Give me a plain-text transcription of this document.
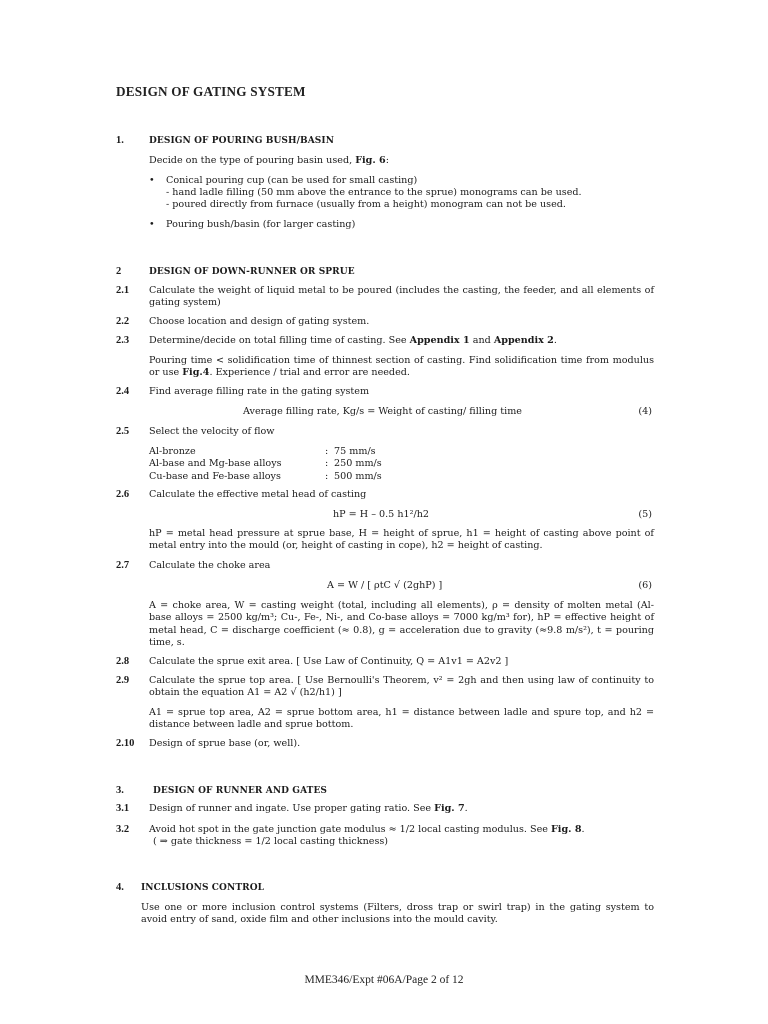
DESIGN OF GATING SYSTEM
1.	DESIGN OF POURING BUSH/BASIN
Decide on the type of pouring basin used, Fig. 6:
• Conical pouring cup (can be used for small casting)
- hand ladle filling (50 mm above the entrance to the sprue) monograms can be used.
- poured directly from furnace (usually from a height) monogram can not be used.
• Pouring bush/basin (for larger casting)
2	DESIGN OF DOWN-RUNNER OR SPRUE
2.1 Calculate the weight of liquid metal to be poured (includes the casting, the feeder, and all elements of gating system)
2.2 Choose location and design of gating system.
2.3 Determine/decide on total filling time of casting. See Appendix 1 and Appendix 2.
Pouring time < solidification time of thinnest section of casting. Find solidification time from modulus or use Fig.4. Experience / trial and error are needed.
2.4 Find average filling rate in the gating system
Average filling rate, Kg/s = Weight of casting/ filling time	(4)
2.5 Select the velocity of flow
Al-bronze	: 75 mm/s
Al-base and Mg-base alloys	: 250 mm/s
Cu-base and Fe-base alloys	: 500 mm/s
2.6 Calculate the effective metal head of casting
hP = H – 0.5 h1²/h2	(5)
hP = metal head pressure at sprue base, H = height of sprue, h1 = height of casting above point of metal entry into the mould (or, height of casting in cope), h2 = height of casting.
2.7 Calculate the choke area
A = W / [ ρtC √ (2ghP) ]	(6)
A = choke area, W = casting weight (total, including all elements), ρ = density of molten metal (Al-base alloys = 2500 kg/m³; Cu-, Fe-, Ni-, and Co-base alloys = 7000 kg/m³ for), hP = effective height of metal head, C = discharge coefficient (≈ 0.8), g = acceleration due to gravity (≈9.8 m/s²), t = pouring time, s.
2.8 Calculate the sprue exit area. [ Use Law of Continuity, Q = A1v1 = A2v2 ]
2.9 Calculate the sprue top area. [ Use Bernoulli's Theorem, v² = 2gh and then using law of continuity to obtain the equation A1 = A2 √ (h2/h1) ]
A1 = sprue top area, A2 = sprue bottom area, h1 = distance between ladle and spure top, and h2 = distance between ladle and sprue bottom.
2.10 Design of sprue base (or, well).
3.	DESIGN OF RUNNER AND GATES
3.1 Design of runner and ingate. Use proper gating ratio. See Fig. 7.
3.2 Avoid hot spot in the gate junction gate modulus ≈ 1/2 local casting modulus. See Fig. 8.
( ⇒ gate thickness = 1/2 local casting thickness)
4. INCLUSIONS CONTROL
Use one or more inclusion control systems (Filters, dross trap or swirl trap) in the gating system to avoid entry of sand, oxide film and other inclusions into the mould cavity.
MME346/Expt #06A/Page 2 of 12
